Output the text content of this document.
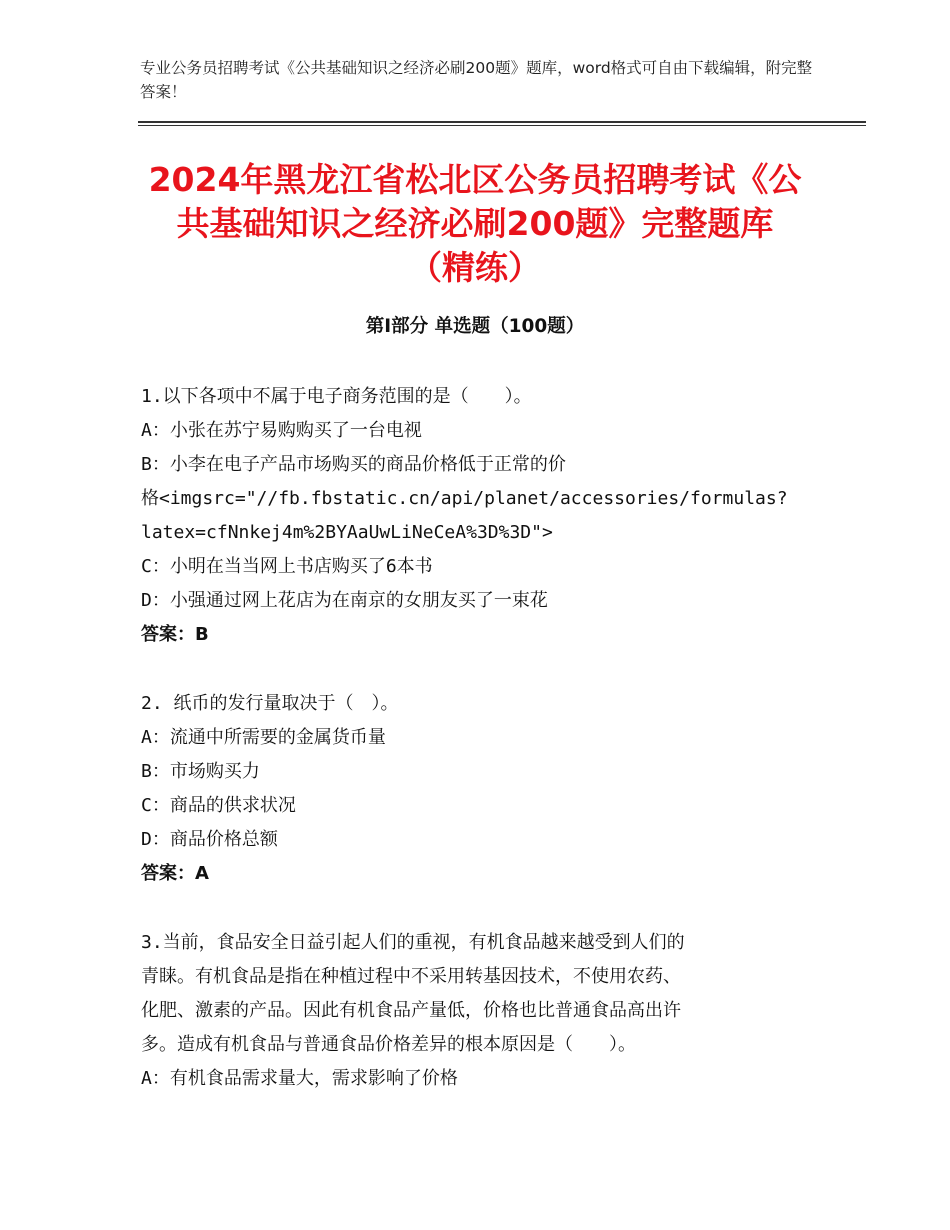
专业公务员招聘考试《公共基础知识之经济必刷200题》题库，word格式可自由下载编辑，附完整答案！
2024年黑龙江省松北区公务员招聘考试《公
共基础知识之经济必刷200题》完整题库
（精练）
第Ⅰ部分 单选题（100题）
1.以下各项中不属于电子商务范围的是（　　）。
A：小张在苏宁易购购买了一台电视
B：小李在电子产品市场购买的商品价格低于正常的价
格<imgsrc="//fb.fbstatic.cn/api/planet/accessories/formulas?
latex=cfNnkej4m%2BYAaUwLiNeCeA%3D%3D">
C：小明在当当网上书店购买了6本书
D：小强通过网上花店为在南京的女朋友买了一束花
答案：B
2. 纸币的发行量取决于（　）。
A：流通中所需要的金属货币量
B：市场购买力
C：商品的供求状况
D：商品价格总额
答案：A
3.当前，食品安全日益引起人们的重视，有机食品越来越受到人们的
青睐。有机食品是指在种植过程中不采用转基因技术，不使用农药、
化肥、激素的产品。因此有机食品产量低，价格也比普通食品高出许
多。造成有机食品与普通食品价格差异的根本原因是（　　）。
A：有机食品需求量大，需求影响了价格
